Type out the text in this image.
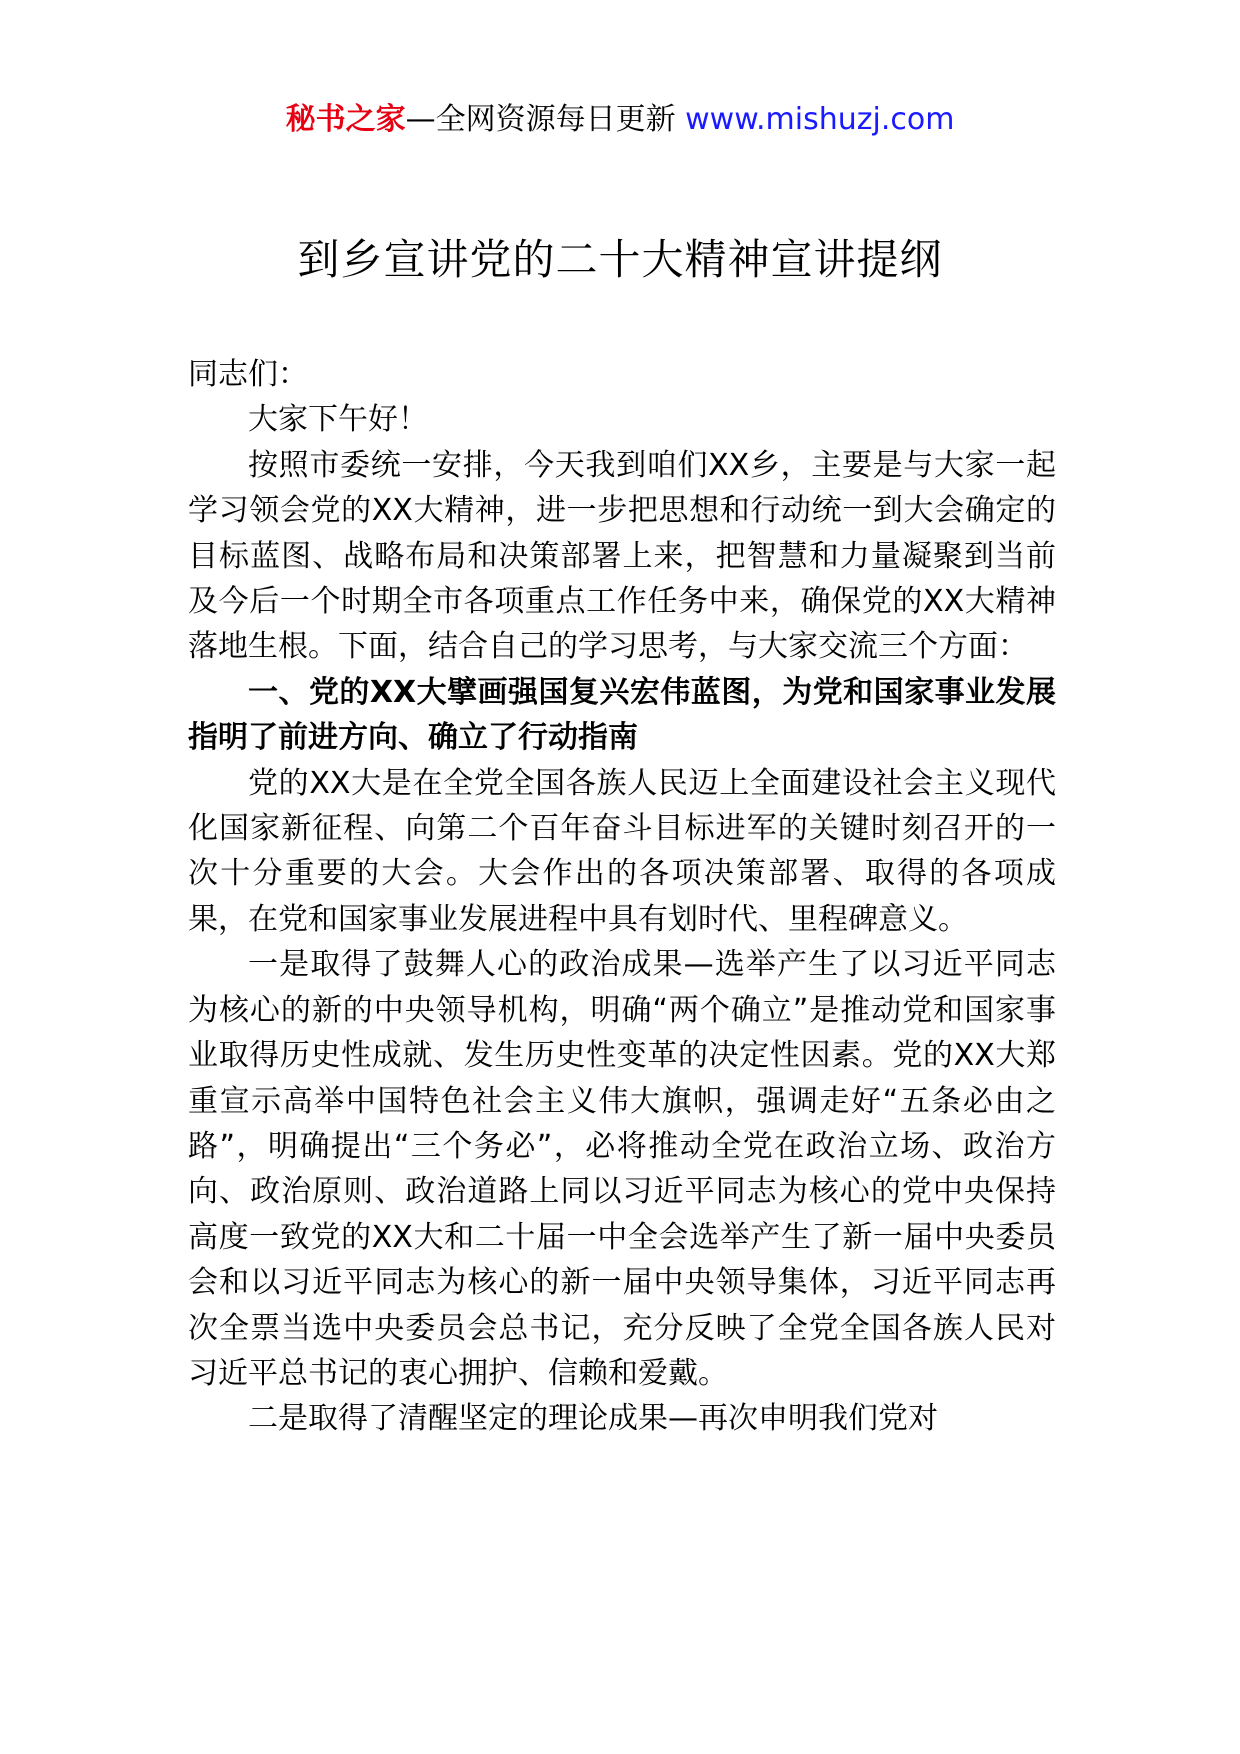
秘书之家—全网资源每日更新 www.mishuzj.com
到乡宣讲党的二十大精神宣讲提纲

同志们：

大家下午好！

按照市委统一安排，今天我到咱们XX乡，主要是与大家一起学习领会党的XX大精神，进一步把思想和行动统一到大会确定的目标蓝图、战略布局和决策部署上来，把智慧和力量凝聚到当前及今后一个时期全市各项重点工作任务中来，确保党的XX大精神落地生根。下面，结合自己的学习思考，与大家交流三个方面：

一、党的XX大擘画强国复兴宏伟蓝图，为党和国家事业发展指明了前进方向、确立了行动指南

党的XX大是在全党全国各族人民迈上全面建设社会主义现代化国家新征程、向第二个百年奋斗目标进军的关键时刻召开的一次十分重要的大会。大会作出的各项决策部署、取得的各项成果，在党和国家事业发展进程中具有划时代、里程碑意义。

一是取得了鼓舞人心的政治成果—选举产生了以习近平同志为核心的新的中央领导机构，明确“两个确立”是推动党和国家事业取得历史性成就、发生历史性变革的决定性因素。党的XX大郑重宣示高举中国特色社会主义伟大旗帜，强调走好“五条必由之路”，明确提出“三个务必”，必将推动全党在政治立场、政治方向、政治原则、政治道路上同以习近平同志为核心的党中央保持高度一致党的XX大和二十届一中全会选举产生了新一届中央委员会和以习近平同志为核心的新一届中央领导集体，习近平同志再次全票当选中央委员会总书记，充分反映了全党全国各族人民对习近平总书记的衷心拥护、信赖和爱戴。

二是取得了清醒坚定的理论成果—再次申明我们党对
